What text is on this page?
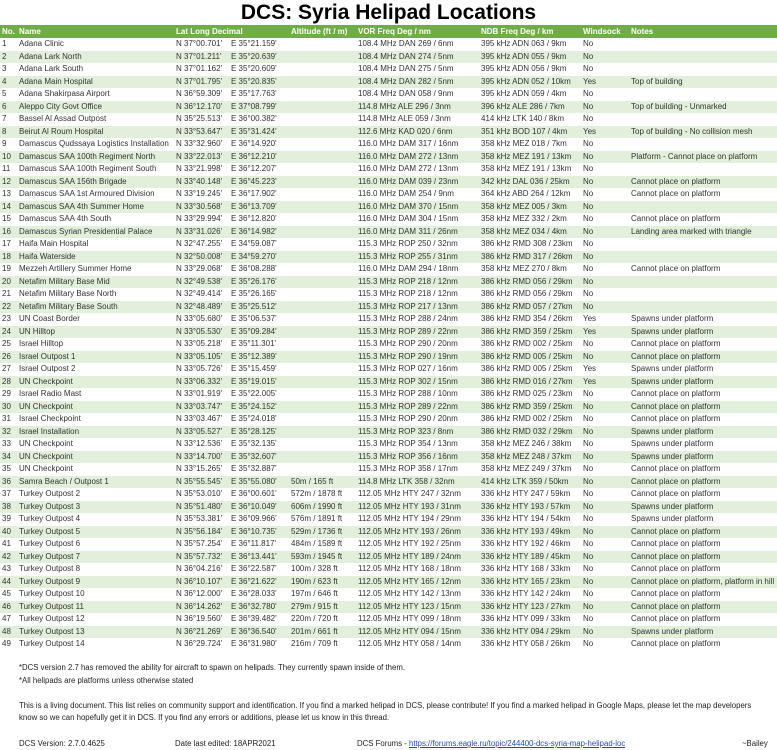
DCS: Syria Helipad Locations
No.	Name	Lat Long Decimal		Altitude (ft / m)	VOR Freq Deg / nm	NDB Freq Deg / km	Windsock	Notes
1	Adana Clinic	N 37°00.701'	E 35°21.159'		108.4 MHz DAN 269 / 6nm	395 kHz ADN 063 / 9km	No	
2	Adana Lark North	N 37°01.211'	E 35°20.639'		108.4 MHz DAN 274 / 5nm	395 kHz ADN 055 / 9km	No	
3	Adana Lark South	N 37°01.162'	E 35°20.609'		108.4 MHz DAN 275 / 5nm	395 kHz ADN 056 / 9km	No	
4	Adana Main Hospital	N 37°01.795'	E 35°20.835'		108.4 MHz DAN 282 / 5nm	395 kHz ADN 052 / 10km	Yes	Top of building
5	Adana Shakirpasa Airport	N 36°59.309'	E 35°17.763'		108.4 MHz DAN 058 / 9nm	395 kHz ADN 059 / 4km	No	
6	Aleppo City Govt Office	N 36°12.170'	E 37°08.799'		114.8 MHz ALE 296 / 3nm	396 kHz ALE 286 / 7km	No	Top of building - Unmarked
7	Bassel Al Assad Outpost	N 35°25.513'	E 36°00.382'		114.8 MHz ALE 059 / 3nm	414 kHz LTK 140 / 8km	No	
8	Beirut Al Roum Hospital	N 33°53.647'	E 35°31.424'		112.6 MHz KAD 020 / 6nm	351 kHz BOD 107 / 4km	Yes	Top of building - No collision mesh
9	Damascus Qudssaya Logistics Installation	N 33°32.960'	E 36°14.920'		116.0 MHz DAM 317 / 16nm	358 kHz MEZ 018 / 7km	No	
10	Damascus SAA 100th Regiment North	N 33°22.013'	E 36°12.210'		116.0 MHz DAM 272 / 13nm	358 kHz MEZ 191 / 13km	No	Platform - Cannot place on platform
11	Damascus SAA 100th Regiment South	N 33°21.998'	E 36°12.207'		116.0 MHz DAM 272 / 13nm	358 kHz MEZ 191 / 13km	No	
12	Damascus SAA 156th Brigade	N 33°40.148'	E 36°45.223'		116.0 MHz DAM 039 / 23nm	342 kHz DAL 036 / 25km	No	Cannot place on platform
13	Damascus SAA 1st Armoured Division	N 33°19.245'	E 36°17.902'		116.0 MHz DAM 254 / 9nm	364 kHz ABD 264 / 12km	No	Cannot place on platform
14	Damascus SAA 4th Summer Home	N 33°30.568'	E 36°13.709'		116.0 MHz DAM 370 / 15nm	358 kHz MEZ 005 / 3km	No	
15	Damascus SAA 4th South	N 33°29.994'	E 36°12.820'		116.0 MHz DAM 304 / 15nm	358 kHz MEZ 332 / 2km	No	Cannot place on platform
16	Damascus Syrian Presidential Palace	N 33°31.026'	E 36°14.982'		116.0 MHz DAM 311 / 26nm	358 kHz MEZ 034 / 4km	No	Landing area marked with triangle
17	Haifa Main Hospital	N 32°47.255'	E 34°59.087'		115.3 MHz ROP 250 / 32nm	386 kHz RMD 308 / 23km	No	
18	Haifa Waterside	N 32°50.008'	E 34°59.270'		115.3 MHz ROP 255 / 31nm	386 kHz RMD 317 / 26km	No	
19	Mezzeh Artillery Summer Home	N 33°29.068'	E 36°08.288'		116.0 MHz DAM 294 / 18nm	358 kHz MEZ 270 / 8km	No	Cannot place on platform
20	Netafim Military Base Mid	N 32°49.538'	E 35°26.176'		115.3 MHz ROP 218 / 12nm	386 kHz RMD 056 / 29km	No	
21	Netafim Military Base North	N 32°49.414'	E 35°26.165'		115.3 MHz ROP 218 / 12nm	386 kHz RMD 056 / 29km	No	
22	Netafim Military Base South	N 32°48.489'	E 35°25.512'		115.3 MHz ROP 217 / 13nm	386 kHz RMD 057 / 27km	No	
23	UN Coast Border	N 33°05.680'	E 35°06.537'		115.3 MHz ROP 288 / 24nm	386 kHz RMD 354 / 26km	Yes	Spawns under platform
24	UN Hilltop	N 33°05.530'	E 35°09.284'		115.3 MHz ROP 289 / 22nm	386 kHz RMD 359 / 25km	Yes	Spawns under platform
25	Israel Hilltop	N 33°05.218'	E 35°11.301'		115.3 MHz ROP 290 / 20nm	386 kHz RMD 002 / 25km	No	Cannot place on platform
26	Israel Outpost 1	N 33°05.105'	E 35°12.389'		115.3 MHz ROP 290 / 19nm	386 kHz RMD 005 / 25km	No	Cannot place on platform
27	Israel Outpost 2	N 33°05.726'	E 35°15.459'		115.3 MHz ROP 027 / 16nm	386 kHz RMD 005 / 25km	Yes	Spawns under platform
28	UN Checkpoint	N 33°06.332'	E 35°19.015'		115.3 MHz ROP 302 / 15nm	386 kHz RMD 016 / 27km	Yes	Spawns under platform
29	Israel Radio Mast	N 33°01.919'	E 35°22.005'		115.3 MHz ROP 288 / 10nm	386 kHz RMD 025 / 23km	No	Cannot place on platform
30	UN Checkpoint	N 33°03.747'	E 35°24.152'		115.3 MHz ROP 289 / 22nm	386 kHz RMD 359 / 25km	No	Cannot place on platform
31	Israel Checkpoint	N 33°03.467'	E 35°24.018'		115.3 MHz ROP 290 / 20nm	386 kHz RMD 002 / 25km	No	Cannot place on platform
32	Israel Installation	N 33°05.527'	E 35°28.125'		115.3 MHz ROP 323 / 8nm	386 kHz RMD 032 / 29km	No	Spawns under platform
33	UN Checkpoint	N 33°12.536'	E 35°32.135'		115.3 MHz ROP 354 / 13nm	358 kHz MEZ 246 / 38km	No	Spawns under platform
34	UN Checkpoint	N 33°14.700'	E 35°32.607'		115.3 MHz ROP 356 / 16nm	358 kHz MEZ 248 / 37km	No	Spawns under platform
35	UN Checkpoint	N 33°15.265'	E 35°32.887'		115.3 MHz ROP 358 / 17nm	358 kHz MEZ 249 / 37km	No	Cannot place on platform
36	Samra Beach / Outpost 1	N 35°55.545'	E 35°55.080'	50m / 165 ft	114.8 MHz LTK 358 / 32nm	414 kHz LTK 359 / 50km	No	Cannot place on platform
37	Turkey Outpost 2	N 35°53.010'	E 36°00.601'	572m / 1878 ft	112.05 MHz HTY 247 / 32nm	336 kHz HTY 247 / 59km	No	Cannot place on platform
38	Turkey Outpost 3	N 35°51.480'	E 36°10.049'	606m / 1990 ft	112.05 MHz HTY 193 / 31nm	336 kHz HTY 193 / 57km	No	Spawns under platform
39	Turkey Outpost 4	N 35°53.381'	E 36°09.966'	576m / 1891 ft	112.05 MHz HTY 194 / 29nm	336 kHz HTY 194 / 54km	No	Spawns under platform
40	Turkey Outpost 5	N 35°56.184'	E 36°10.735'	529m / 1736 ft	112.05 MHz HTY 193 / 26nm	336 kHz HTY 193 / 49km	No	Cannot place on platform
41	Turkey Outpost 6	N 35°57.254'	E 36°11.817'	484m / 1589 ft	112.05 MHz HTY 192 / 25nm	336 kHz HTY 192 / 46km	No	Cannot place on platform
42	Turkey Outpost 7	N 35°57.732'	E 36°13.441'	593m / 1945 ft	112.05 MHz HTY 189 / 24nm	336 kHz HTY 189 / 45km	No	Cannot place on platform
43	Turkey Outpost 8	N 36°04.216'	E 36°22.587'	100m / 328 ft	112.05 MHz HTY 168 / 18nm	336 kHz HTY 168 / 33km	No	Cannot place on platform
44	Turkey Outpost 9	N 36°10.107'	E 36°21.622'	190m / 623 ft	112.05 MHz HTY 165 / 12nm	336 kHz HTY 165 / 23km	No	Cannot place on platform, platform in hill
45	Turkey Outpost 10	N 36°12.000'	E 36°28.033'	197m / 646 ft	112.05 MHz HTY 142 / 13nm	336 kHz HTY 142 / 24km	No	Cannot place on platform
46	Turkey Outpost 11	N 36°14.262'	E 36°32.780'	279m / 915 ft	112.05 MHz HTY 123 / 15nm	336 kHz HTY 123 / 27km	No	Cannot place on platform
47	Turkey Outpost 12	N 36°19.560'	E 36°39.482'	220m / 720 ft	112.05 MHz HTY 099 / 18nm	336 kHz HTY 099 / 33km	No	Cannot place on platform
48	Turkey Outpost 13	N 36°21.269'	E 36°36.540'	201m / 661 ft	112.05 MHz HTY 094 / 15nm	336 kHz HTY 094 / 29km	No	Spawns under platform
49	Turkey Outpost 14	N 36°29.724'	E 36°31.980'	216m / 709 ft	112.05 MHz HTY 058 / 14nm	336 kHz HTY 058 / 26km	No	Cannot place on platform
*DCS version 2.7 has removed the ability for aircraft to spawn on helipads. They currently spawn inside of them.
*All helipads are platforms unless otherwise stated
This is a living document. This list relies on community support and identification. If you find a marked helipad in DCS, please contribute! If you find a marked helipad in Google Maps, please let the map developers
know so we can hopefully get it in DCS. If you find any errors or additions, please let us know in this thread.
DCS Version: 2.7.0.4625	Date last edited: 18APR2021	DCS Forums - https://forums.eagle.ru/topic/244400-dcs-syria-map-helipad-loc	~Bailey
